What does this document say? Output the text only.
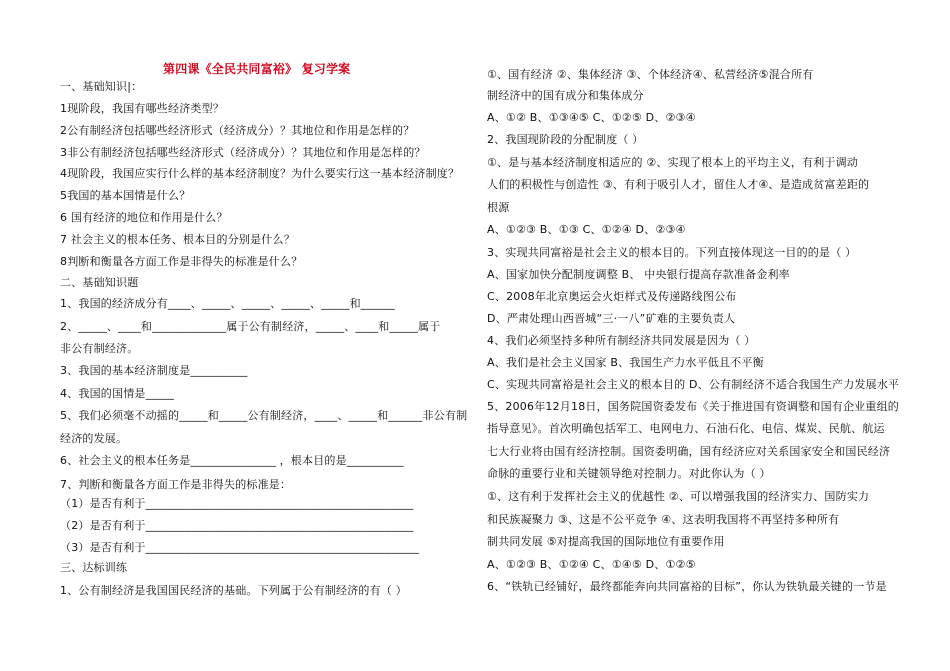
第四课《全民共同富裕》 复习学案
一、基础知识|：
1现阶段，我国有哪些经济类型？
2公有制经济包括哪些经济形式（经济成分）？其地位和作用是怎样的？
3非公有制经济包括哪些经济形式（经济成分）？其地位和作用是怎样的？
4现阶段，我国应实行什么样的基本经济制度？为什么要实行这一基本经济制度？
5我国的基本国情是什么？
6 国有经济的地位和作用是什么？
7 社会主义的根本任务、根本目的分别是什么？
8判断和衡量各方面工作是非得失的标准是什么？
二、基础知识题
1、我国的经济成分有____、_____、_____、_____、_____和______
2、_____、____和_____________属于公有制经济，_____、____和_____属于
非公有制经济。
3、我国的基本经济制度是__________
4、我国的国情是_____
5、我们必须毫不动摇的_____和_____公有制经济，____、_____和______非公有制
经济的发展。
6、社会主义的根本任务是_______________ ，根本目的是__________
7、判断和衡量各方面工作是非得失的标准是：
（1）是否有利于_______________________________________________
（2）是否有利于_______________________________________________
（3）是否有利于________________________________________________
三、达标训练
1、公有制经济是我国国民经济的基础。下列属于公有制经济的有（ ）
①、国有经济 ②、集体经济 ③、个体经济④、私营经济⑤混合所有
制经济中的国有成分和集体成分
A、①② B、①③④⑤ C、①②⑤ D、②③④
2、我国现阶段的分配制度（ ）
①、是与基本经济制度相适应的 ②、实现了根本上的平均主义，有利于调动
人们的积极性与创造性 ③、有利于吸引人才，留住人才④、是造成贫富差距的
根源
A、①②③ B、①③ C、①②④ D、②③④
3、实现共同富裕是社会主义的根本目的。下列直接体现这一目的的是（ ）
A、国家加快分配制度调整 B、 中央银行提高存款准备金利率
C、2008年北京奥运会火炬样式及传递路线图公布
D、严肃处理山西晋城“三·一八”矿难的主要负责人
4、我们必须坚持多种所有制经济共同发展是因为（ ）
A、我们是社会主义国家 B、我国生产力水平低且不平衡
C、实现共同富裕是社会主义的根本目的 D、公有制经济不适合我国生产力发展水平
5、2006年12月18日，国务院国资委发布《关于推进国有资调整和国有企业重组的
指导意见》。首次明确包括军工、电网电力、石油石化、电信、煤炭、民航、航运
七大行业将由国有经济控制。国资委明确，国有经济应对关系国家安全和国民经济
命脉的重要行业和关键领导绝对控制力。对此你认为（ ）
①、这有利于发挥社会主义的优越性 ②、可以增强我国的经济实力、国防实力
和民族凝聚力 ③、这是不公平竞争 ④、这表明我国将不再坚持多种所有
制共同发展 ⑤对提高我国的国际地位有重要作用
A、①②③ B、①②④ C、①④⑤ D、①②⑤
6、“铁轨已经铺好，最终都能奔向共同富裕的目标”，你认为铁轨最关键的一节是
